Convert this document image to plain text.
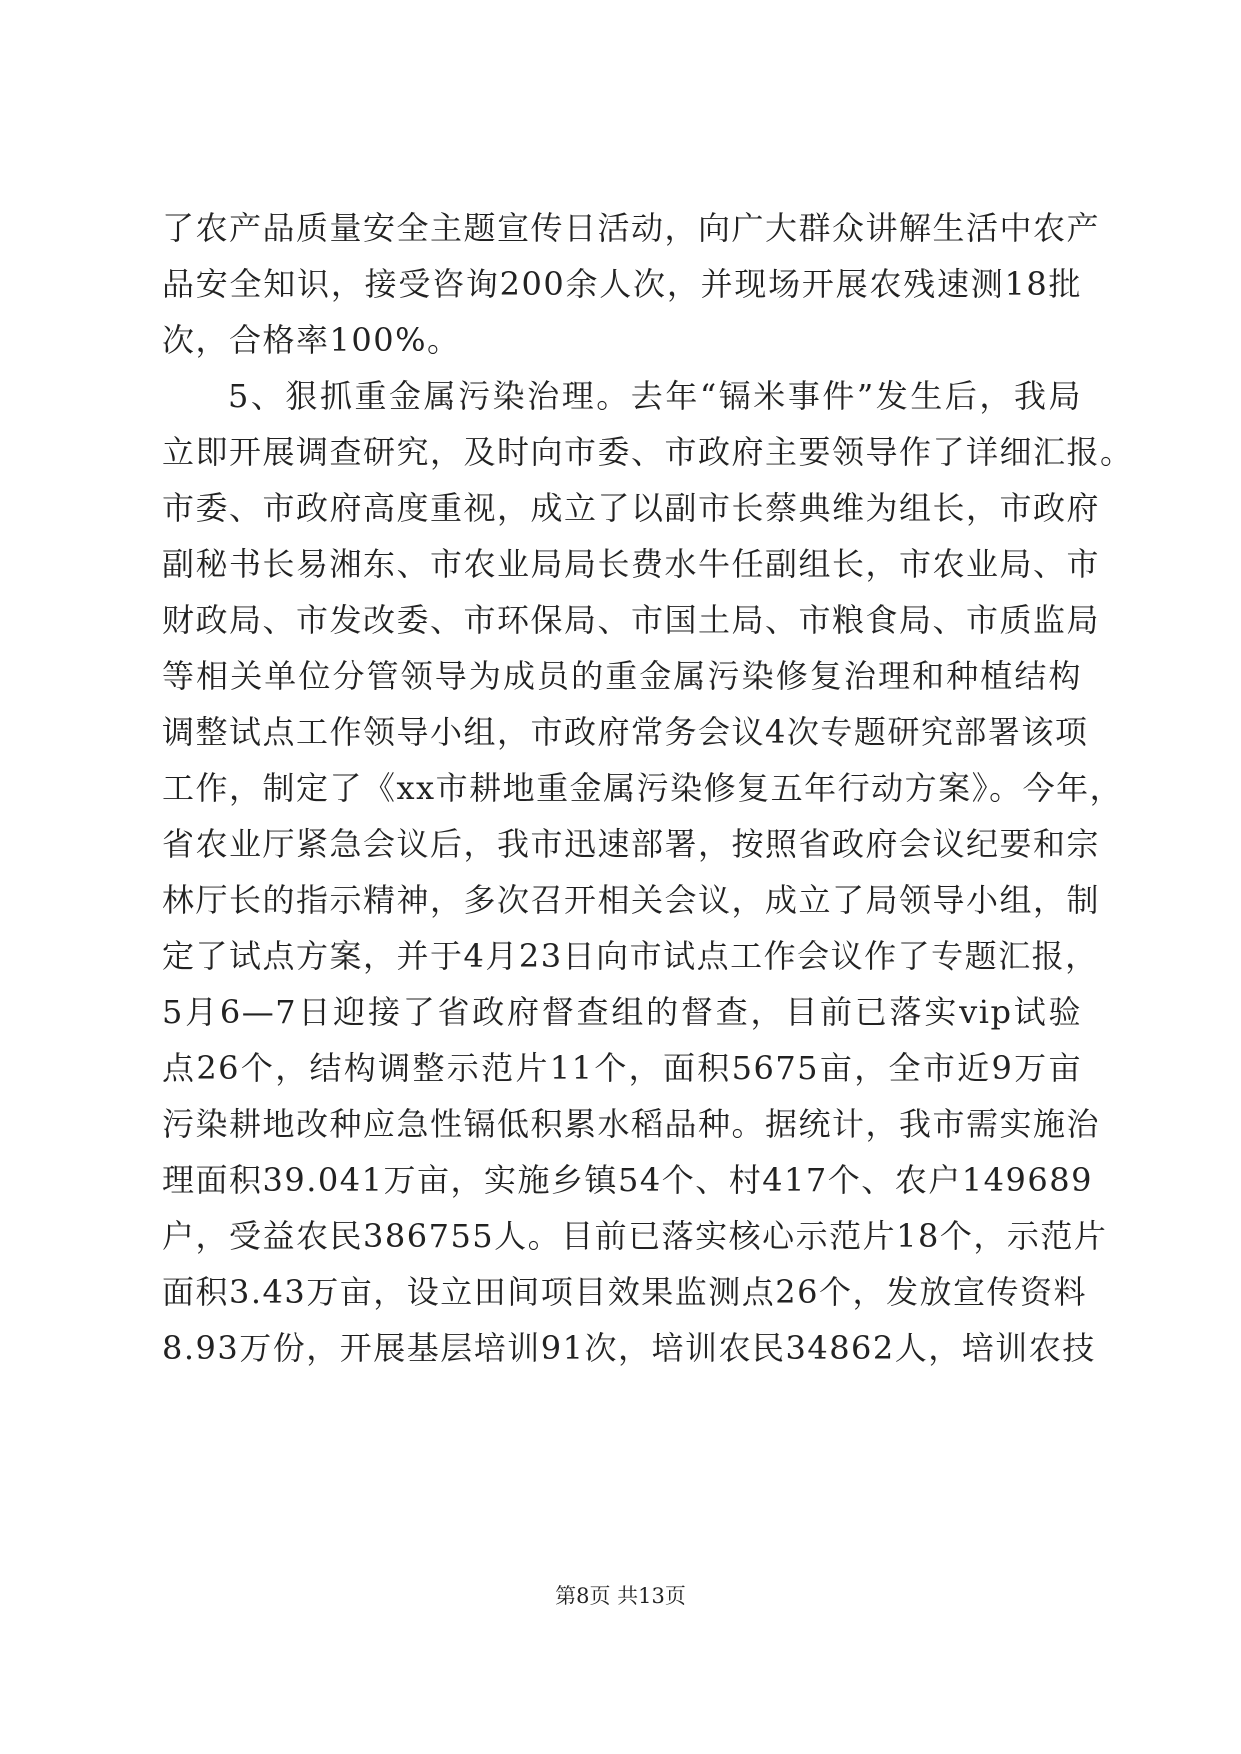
了农产品质量安全主题宣传日活动，向广大群众讲解生活中农产
品安全知识，接受咨询200余人次，并现场开展农残速测18批
次，合格率100%。
5、狠抓重金属污染治理。去年“镉米事件”发生后，我局
立即开展调查研究，及时向市委、市政府主要领导作了详细汇报。
市委、市政府高度重视，成立了以副市长蔡典维为组长，市政府
副秘书长易湘东、市农业局局长费水牛任副组长，市农业局、市
财政局、市发改委、市环保局、市国土局、市粮食局、市质监局
等相关单位分管领导为成员的重金属污染修复治理和种植结构
调整试点工作领导小组，市政府常务会议4次专题研究部署该项
工作，制定了《xx市耕地重金属污染修复五年行动方案》。今年，
省农业厅紧急会议后，我市迅速部署，按照省政府会议纪要和宗
林厅长的指示精神，多次召开相关会议，成立了局领导小组，制
定了试点方案，并于4月23日向市试点工作会议作了专题汇报，
5月6—7日迎接了省政府督查组的督查，目前已落实vip试验
点26个，结构调整示范片11个，面积5675亩，全市近9万亩
污染耕地改种应急性镉低积累水稻品种。据统计，我市需实施治
理面积39.041万亩，实施乡镇54个、村417个、农户149689
户，受益农民386755人。目前已落实核心示范片18个，示范片
面积3.43万亩，设立田间项目效果监测点26个，发放宣传资料
8.93万份，开展基层培训91次，培训农民34862人，培训农技
第8页 共13页
